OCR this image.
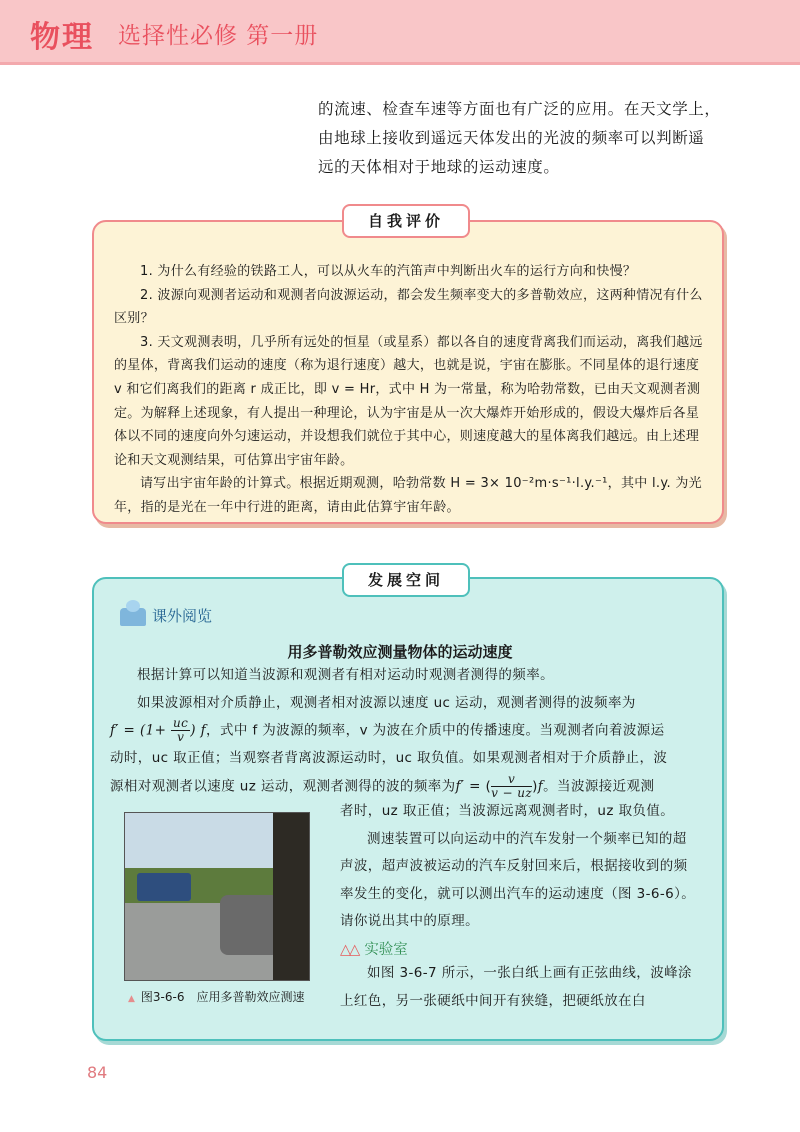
物理 选择性必修 第一册

的流速、检查车速等方面也有广泛的应用。在天文学上，

由地球上接收到遥远天体发出的光波的频率可以判断遥

远的天体相对于地球的运动速度。

自我评价

1. 为什么有经验的铁路工人，可以从火车的汽笛声中判断出火车的运行方向和快慢？

2. 波源向观测者运动和观测者向波源运动，都会发生频率变大的多普勒效应，这两种情况有什么区别？

3. 天文观测表明，几乎所有远处的恒星（或星系）都以各自的速度背离我们而运动，离我们越远的星体，背离我们运动的速度（称为退行速度）越大，也就是说，宇宙在膨胀。不同星体的退行速度 v 和它们离我们的距离 r 成正比，即 v = Hr，式中 H 为一常量，称为哈勃常数，已由天文观测者测定。为解释上述现象，有人提出一种理论，认为宇宙是从一次大爆炸开始形成的，假设大爆炸后各星体以不同的速度向外匀速运动，并设想我们就位于其中心，则速度越大的星体离我们越远。由上述理论和天文观测结果，可估算出宇宙年龄。

请写出宇宙年龄的计算式。根据近期观测，哈勃常数 H = 3× 10⁻²m·s⁻¹·l.y.⁻¹，其中 l.y. 为光年，指的是光在一年中行进的距离，请由此估算宇宙年龄。

发展空间
课外阅览
用多普勒效应测量物体的运动速度

根据计算可以知道当波源和观测者有相对运动时观测者测得的频率。

如果波源相对介质静止，观测者相对波源以速度 uc 运动，观测者测得的波频率为

$f' = (1+ \frac{uc}{v}$ ) f，式中 f 为波源的频率，v 为波在介质中的传播速度。当观测者向着波源运
动时，uc 取正值；当观察者背离波源运动时，uc 取负值。如果观测者相对于介质静止，波
源相对观测者以速度 uz 运动，观测者测得的波的频率为f′ = ( $\frac{v}{v - uz} )f$。当波源接近观测

者时，uz 取正值；当波源远离观测者时，uz 取负值。

测速装置可以向运动中的汽车发射一个频率已知的超声波，超声波被运动的汽车反射回来后，根据接收到的频率发生的变化，就可以测出汽车的运动速度（图 3-6-6）。请你说出其中的原理。

▲ 图3-6-6　应用多普勒效应测速
△△ 实验室

如图 3-6-7 所示，一张白纸上画有正弦曲线，波峰涂上红色，另一张硬纸中间开有狭缝，把硬纸放在白

84
